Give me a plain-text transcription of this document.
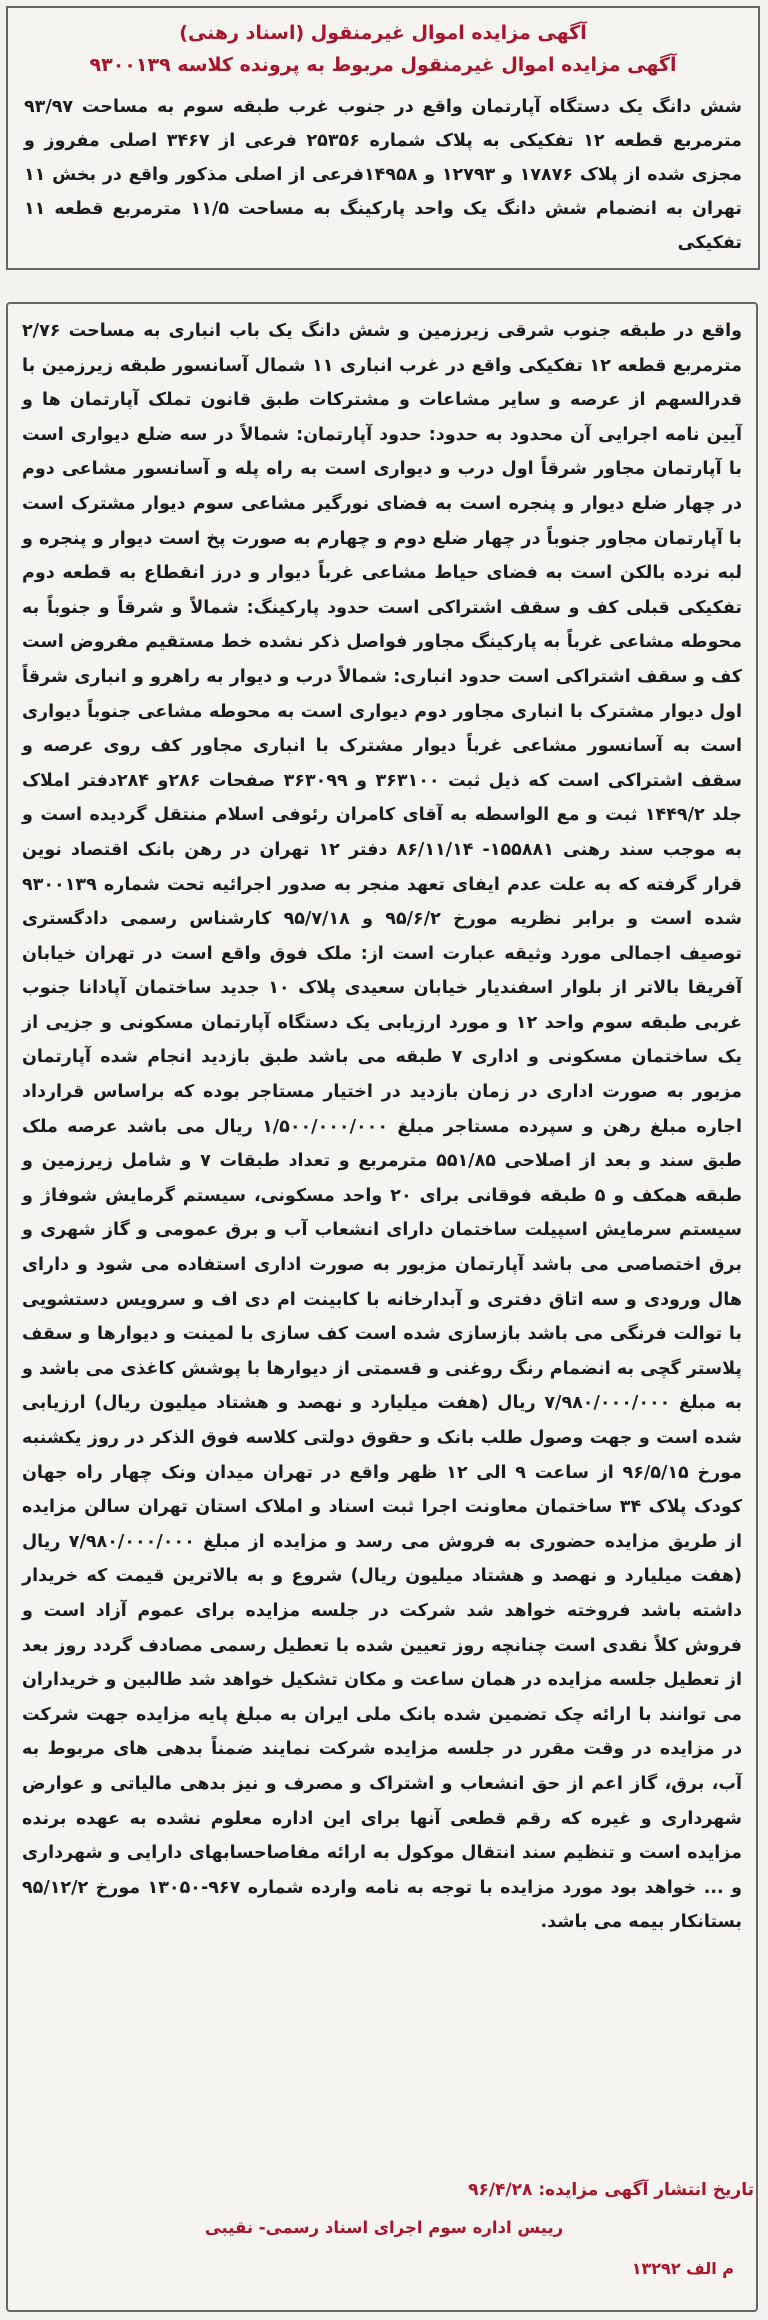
آگهی مزایده اموال غیرمنقول (اسناد رهنی)
آگهی مزایده اموال غیرمنقول مربوط به پرونده کلاسه ۹۳۰۰۱۳۹
شش دانگ یک دستگاه آپارتمان واقع در جنوب غرب طبقه سوم به مساحت ۹۳/۹۷ مترمربع قطعه ۱۲ تفکیکی به پلاک شماره ۲۵۳۵۶ فرعی از ۳۴۶۷ اصلی مفروز و مجزی شده از پلاک ۱۷۸۷۶ و ۱۲۷۹۳ و ۱۴۹۵۸فرعی از اصلی مذکور واقع در بخش ۱۱ تهران به انضمام شش دانگ یک واحد پارکینگ به مساحت ۱۱/۵ مترمربع قطعه ۱۱ تفکیکی

واقع در طبقه جنوب شرقی زیرزمین و شش دانگ یک باب انباری به مساحت ۲/۷۶ مترمربع قطعه ۱۲ تفکیکی واقع در غرب انباری ۱۱ شمال آسانسور طبقه زیرزمین با قدرالسهم از عرصه و سایر مشاعات و مشترکات طبق قانون تملک آپارتمان ها و آیین نامه اجرایی آن محدود به حدود: حدود آپارتمان: شمالاً در سه ضلع دیواری است با آپارتمان مجاور شرقاً اول درب و دیواری است به راه پله و آسانسور مشاعی دوم در چهار ضلع دیوار و پنجره است به فضای نورگیر مشاعی سوم دیوار مشترک است با آپارتمان مجاور جنوباً در چهار ضلع دوم و چهارم به صورت پخ است دیوار و پنجره و لبه نرده بالکن است به فضای حیاط مشاعی غرباً دیوار و درز انقطاع به قطعه دوم تفکیکی قبلی کف و سقف اشتراکی است حدود پارکینگ: شمالاً و شرقاً و جنوباً به محوطه مشاعی غرباً به پارکینگ مجاور فواصل ذکر نشده خط مستقیم مفروض است کف و سقف اشتراکی است حدود انباری: شمالاً درب و دیوار به راهرو و انباری شرقاً اول دیوار مشترک با انباری مجاور دوم دیواری است به محوطه مشاعی جنوباً دیواری است به آسانسور مشاعی غرباً دیوار مشترک با انباری مجاور کف روی عرصه و سقف اشتراکی است که ذیل ثبت ۳۶۳۱۰۰ و ۳۶۳۰۹۹ صفحات ۲۸۶و ۲۸۴دفتر املاک جلد ۱۴۴۹/۲ ثبت و مع الواسطه به آقای کامران رئوفی اسلام منتقل گردیده است و به موجب سند رهنی ۱۵۵۸۸۱- ۸۶/۱۱/۱۴ دفتر ۱۲ تهران در رهن بانک اقتصاد نوین قرار گرفته که به علت عدم ایفای تعهد منجر به صدور اجرائیه تحت شماره ۹۳۰۰۱۳۹ شده است و برابر نظریه مورخ ۹۵/۶/۲ و ۹۵/۷/۱۸ کارشناس رسمی دادگستری توصیف اجمالی مورد وثیقه عبارت است از: ملک فوق واقع است در تهران خیابان آفریقا بالاتر از بلوار اسفندیار خیابان سعیدی پلاک ۱۰ جدید ساختمان آپادانا جنوب غربی طبقه سوم واحد ۱۲ و مورد ارزیابی یک دستگاه آپارتمان مسکونی و جزیی از یک ساختمان مسکونی و اداری ۷ طبقه می باشد طبق بازدید انجام شده آپارتمان مزبور به صورت اداری در زمان بازدید در اختیار مستاجر بوده که براساس قرارداد اجاره مبلغ رهن و سپرده مستاجر مبلغ ۱/۵۰۰/۰۰۰/۰۰۰ ریال می باشد عرصه ملک طبق سند و بعد از اصلاحی ۵۵۱/۸۵ مترمربع و تعداد طبقات ۷ و شامل زیرزمین و طبقه همکف و ۵ طبقه فوقانی برای ۲۰ واحد مسکونی، سیستم گرمایش شوفاژ و سیستم سرمایش اسپیلت ساختمان دارای انشعاب آب و برق عمومی و گاز شهری و برق اختصاصی می باشد آپارتمان مزبور به صورت اداری استفاده می شود و دارای هال ورودی و سه اتاق دفتری و آبدارخانه با کابینت ام دی اف و سرویس دستشویی با توالت فرنگی می باشد بازسازی شده است کف سازی با لمینت و دیوارها و سقف پلاستر گچی به انضمام رنگ روغنی و قسمتی از دیوارها با پوشش کاغذی می باشد و به مبلغ ۷/۹۸۰/۰۰۰/۰۰۰ ریال (هفت میلیارد و نهصد و هشتاد میلیون ریال) ارزیابی شده است و جهت وصول طلب بانک و حقوق دولتی کلاسه فوق الذکر در روز یکشنبه مورخ ۹۶/۵/۱۵ از ساعت ۹ الی ۱۲ ظهر واقع در تهران میدان ونک چهار راه جهان کودک پلاک ۳۴ ساختمان معاونت اجرا ثبت اسناد و املاک استان تهران سالن مزایده از طریق مزایده حضوری به فروش می رسد و مزایده از مبلغ ۷/۹۸۰/۰۰۰/۰۰۰ ریال (هفت میلیارد و نهصد و هشتاد میلیون ریال) شروع و به بالاترین قیمت که خریدار داشته باشد فروخته خواهد شد شرکت در جلسه مزایده برای عموم آزاد است و فروش کلاً نقدی است چنانچه روز تعیین شده با تعطیل رسمی مصادف گردد روز بعد از تعطیل جلسه مزایده در همان ساعت و مکان تشکیل خواهد شد طالبین و خریداران می توانند با ارائه چک تضمین شده بانک ملی ایران به مبلغ پایه مزایده جهت شرکت در مزایده در وقت مقرر در جلسه مزایده شرکت نمایند ضمناً بدهی های مربوط به آب، برق، گاز اعم از حق انشعاب و اشتراک و مصرف و نیز بدهی مالیاتی و عوارض شهرداری و غیره که رقم قطعی آنها برای این اداره معلوم نشده به عهده برنده مزایده است و تنظیم سند انتقال موکول به ارائه مفاصاحسابهای دارایی و شهرداری و ... خواهد بود مورد مزایده با توجه به نامه وارده شماره ۹۶۷-۱۳۰۵۰ مورخ ۹۵/۱۲/۲ بستانکار بیمه می باشد.

تاریخ انتشار آگهی مزایده: ۹۶/۴/۲۸
رییس اداره سوم اجرای اسناد رسمی- نقیبی
م الف ۱۳۲۹۲
